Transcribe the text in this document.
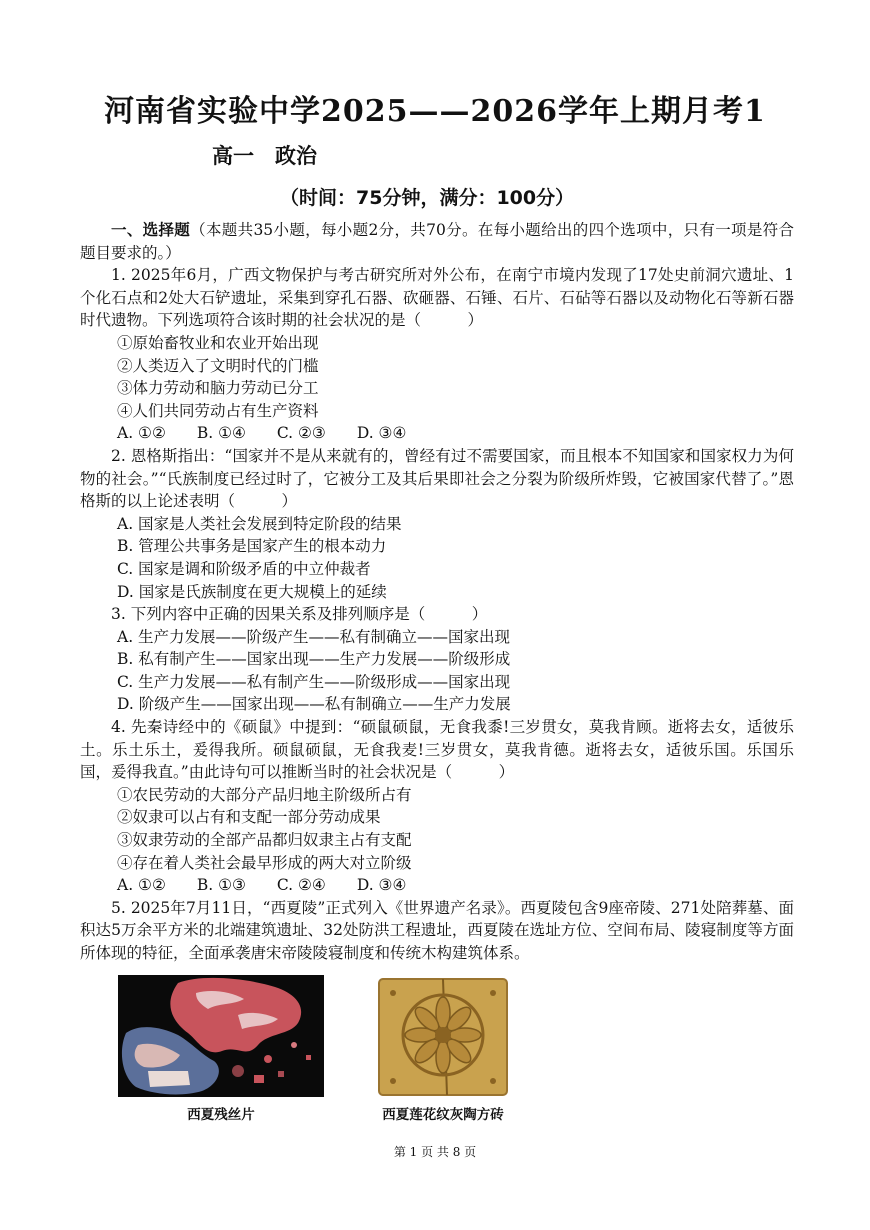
河南省实验中学2025——2026学年上期月考1
高一　政治
（时间：75分钟，满分：100分）

一、选择题（本题共35小题，每小题2分，共70分。在每小题给出的四个选项中，只有一项是符合题目要求的。）

1. 2025年6月，广西文物保护与考古研究所对外公布，在南宁市境内发现了17处史前洞穴遗址、1个化石点和2处大石铲遗址，采集到穿孔石器、砍砸器、石锤、石片、石砧等石器以及动物化石等新石器时代遗物。下列选项符合该时期的社会状况的是（　　　）

①原始畜牧业和农业开始出现

②人类迈入了文明时代的门槛

③体力劳动和脑力劳动已分工

④人们共同劳动占有生产资料

A. ①②　　B. ①④　　C. ②③　　D. ③④

2. 恩格斯指出：“国家并不是从来就有的，曾经有过不需要国家，而且根本不知国家和国家权力为何物的社会。”“氏族制度已经过时了，它被分工及其后果即社会之分裂为阶级所炸毁，它被国家代替了。”恩格斯的以上论述表明（　　　）

A. 国家是人类社会发展到特定阶段的结果

B. 管理公共事务是国家产生的根本动力

C. 国家是调和阶级矛盾的中立仲裁者

D. 国家是氏族制度在更大规模上的延续

3. 下列内容中正确的因果关系及排列顺序是（　　　）

A. 生产力发展——阶级产生——私有制确立——国家出现

B. 私有制产生——国家出现——生产力发展——阶级形成

C. 生产力发展——私有制产生——阶级形成——国家出现

D. 阶级产生——国家出现——私有制确立——生产力发展

4. 先秦诗经中的《硕鼠》中提到：“硕鼠硕鼠，无食我黍!三岁贯女，莫我肯顾。逝将去女，适彼乐土。乐土乐土，爰得我所。硕鼠硕鼠，无食我麦!三岁贯女，莫我肯德。逝将去女，适彼乐国。乐国乐国，爰得我直。”由此诗句可以推断当时的社会状况是（　　　）

①农民劳动的大部分产品归地主阶级所占有

②奴隶可以占有和支配一部分劳动成果

③奴隶劳动的全部产品都归奴隶主占有支配

④存在着人类社会最早形成的两大对立阶级

A. ①②　　B. ①③　　C. ②④　　D. ③④

5. 2025年7月11日，“西夏陵”正式列入《世界遗产名录》。西夏陵包含9座帝陵、271处陪葬墓、面积达5万余平方米的北端建筑遗址、32处防洪工程遗址，西夏陵在选址方位、空间布局、陵寝制度等方面所体现的特征，全面承袭唐宋帝陵陵寝制度和传统木构建筑体系。

西夏残丝片	西夏莲花纹灰陶方砖
第 1 页 共 8 页
